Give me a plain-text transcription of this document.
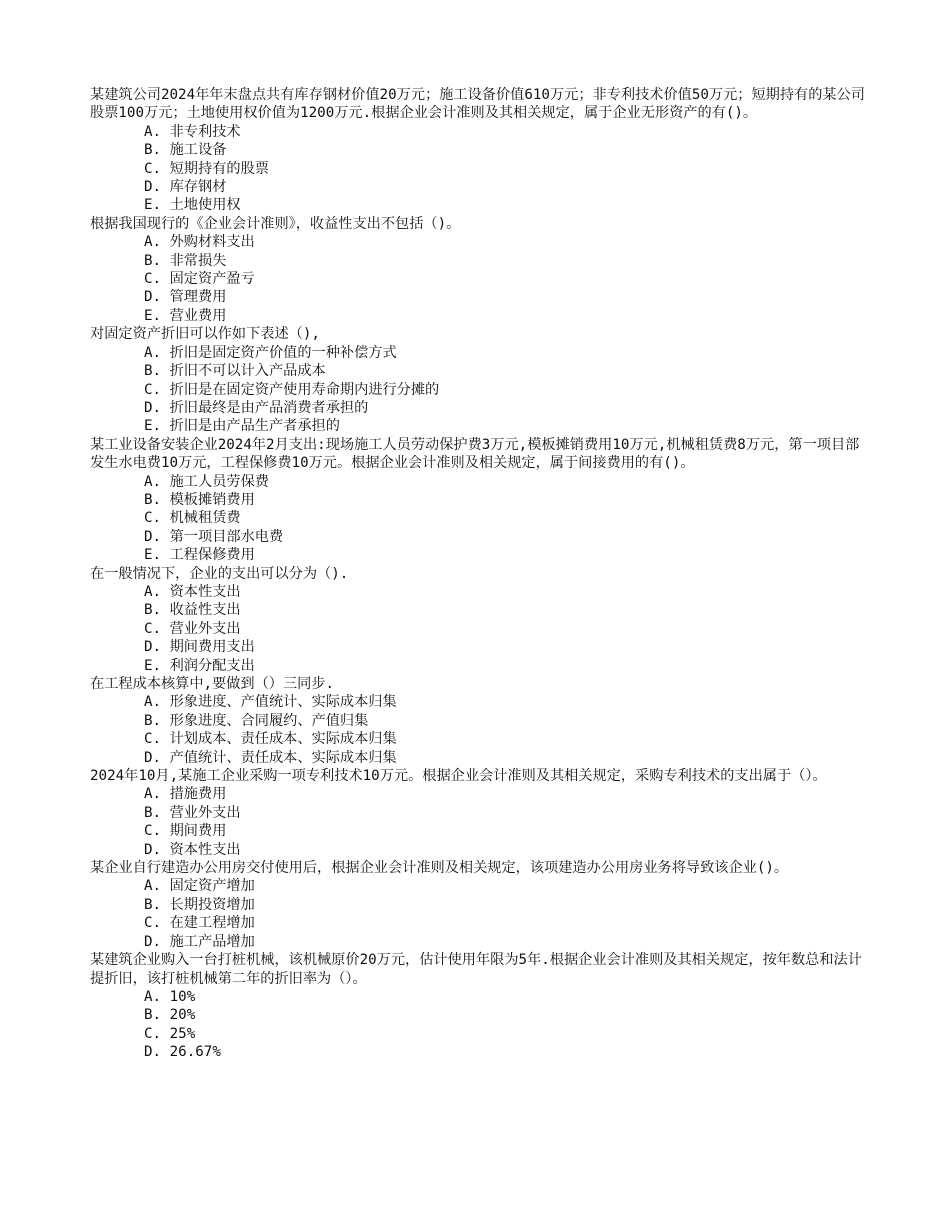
某建筑公司2024年年末盘点共有库存钢材价值20万元；施工设备价值610万元；非专利技术价值50万元；短期持有的某公司股票100万元；土地使用权价值为1200万元.根据企业会计准则及其相关规定，属于企业无形资产的有()。

A. 非专利技术

B. 施工设备

C. 短期持有的股票

D. 库存钢材

E. 土地使用权

根据我国现行的《企业会计准则》，收益性支出不包括（)。

A. 外购材料支出

B. 非常损失

C. 固定资产盈亏

D. 管理费用

E. 营业费用

对固定资产折旧可以作如下表述（),

A. 折旧是固定资产价值的一种补偿方式

B. 折旧不可以计入产品成本

C. 折旧是在固定资产使用寿命期内进行分摊的

D. 折旧最终是由产品消费者承担的

E. 折旧是由产品生产者承担的

某工业设备安装企业2024年2月支出:现场施工人员劳动保护费3万元,模板摊销费用10万元,机械租赁费8万元，第一项目部发生水电费10万元，工程保修费10万元。根据企业会计准则及相关规定，属于间接费用的有()。

A. 施工人员劳保费

B. 模板摊销费用

C. 机械租赁费

D. 第一项目部水电费

E. 工程保修费用

在一般情况下，企业的支出可以分为（).

A. 资本性支出

B. 收益性支出

C. 营业外支出

D. 期间费用支出

E. 利润分配支出

在工程成本核算中,要做到（）三同步.

A. 形象进度、产值统计、实际成本归集

B. 形象进度、合同履约、产值归集

C. 计划成本、责任成本、实际成本归集

D. 产值统计、责任成本、实际成本归集

2024年10月,某施工企业采购一项专利技术10万元。根据企业会计准则及其相关规定，采购专利技术的支出属于（）。

A. 措施费用

B. 营业外支出

C. 期间费用

D. 资本性支出

某企业自行建造办公用房交付使用后，根据企业会计准则及相关规定，该项建造办公用房业务将导致该企业()。

A. 固定资产增加

B. 长期投资增加

C. 在建工程增加

D. 施工产品增加

某建筑企业购入一台打桩机械，该机械原价20万元，估计使用年限为5年.根据企业会计准则及其相关规定，按年数总和法计提折旧，该打桩机械第二年的折旧率为（）。

A. 10%

B. 20%

C. 25%

D. 26.67%
